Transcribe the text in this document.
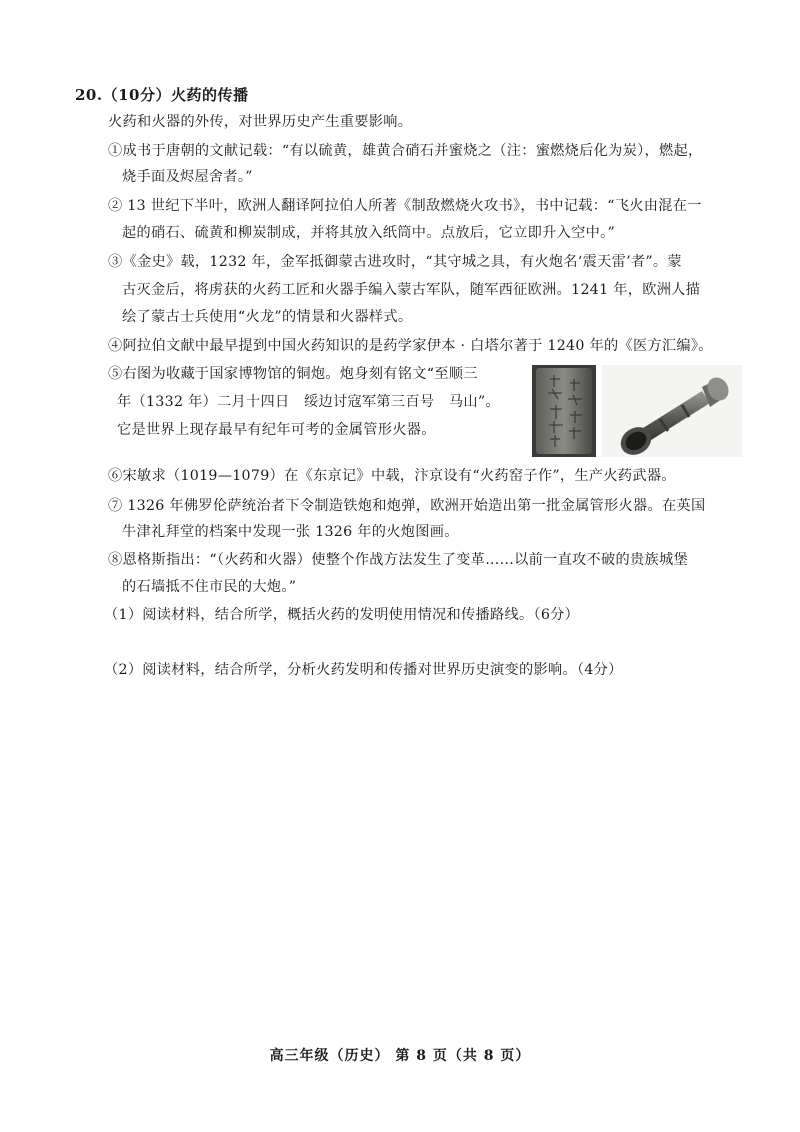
20.（10分）火药的传播
火药和火器的外传，对世界历史产生重要影响。
①成书于唐朝的文献记载：“有以硫黄，雄黄合硝石并蜜烧之（注：蜜燃烧后化为炭），燃起，
烧手面及烬屋舍者。”
② 13 世纪下半叶，欧洲人翻译阿拉伯人所著《制敌燃烧火攻书》，书中记载：“飞火由混在一
起的硝石、硫黄和柳炭制成，并将其放入纸筒中。点放后，它立即升入空中。”
③《金史》载，1232 年，金军抵御蒙古进攻时，“其守城之具，有火炮名‘震天雷’者”。蒙
古灭金后，将虏获的火药工匠和火器手编入蒙古军队，随军西征欧洲。1241 年，欧洲人描
绘了蒙古士兵使用“火龙”的情景和火器样式。
④阿拉伯文献中最早提到中国火药知识的是药学家伊本 · 白塔尔著于 1240 年的《医方汇编》。
⑤右图为收藏于国家博物馆的铜炮。炮身刻有铭文“至顺三
年（1332 年）二月十四日　绥边讨寇军第三百号　马山”。
它是世界上现存最早有纪年可考的金属管形火器。
⑥宋敏求（1019—1079）在《东京记》中载，汴京设有“火药窑子作”，生产火药武器。
⑦ 1326 年佛罗伦萨统治者下令制造铁炮和炮弹，欧洲开始造出第一批金属管形火器。在英国
牛津礼拜堂的档案中发现一张 1326 年的火炮图画。
⑧恩格斯指出：“（火药和火器）使整个作战方法发生了变革……以前一直攻不破的贵族城堡
的石墙抵不住市民的大炮。”
（1）阅读材料，结合所学，概括火药的发明使用情况和传播路线。（6分）
（2）阅读材料，结合所学，分析火药发明和传播对世界历史演变的影响。（4分）
高三年级（历史） 第 8 页（共 8 页）
